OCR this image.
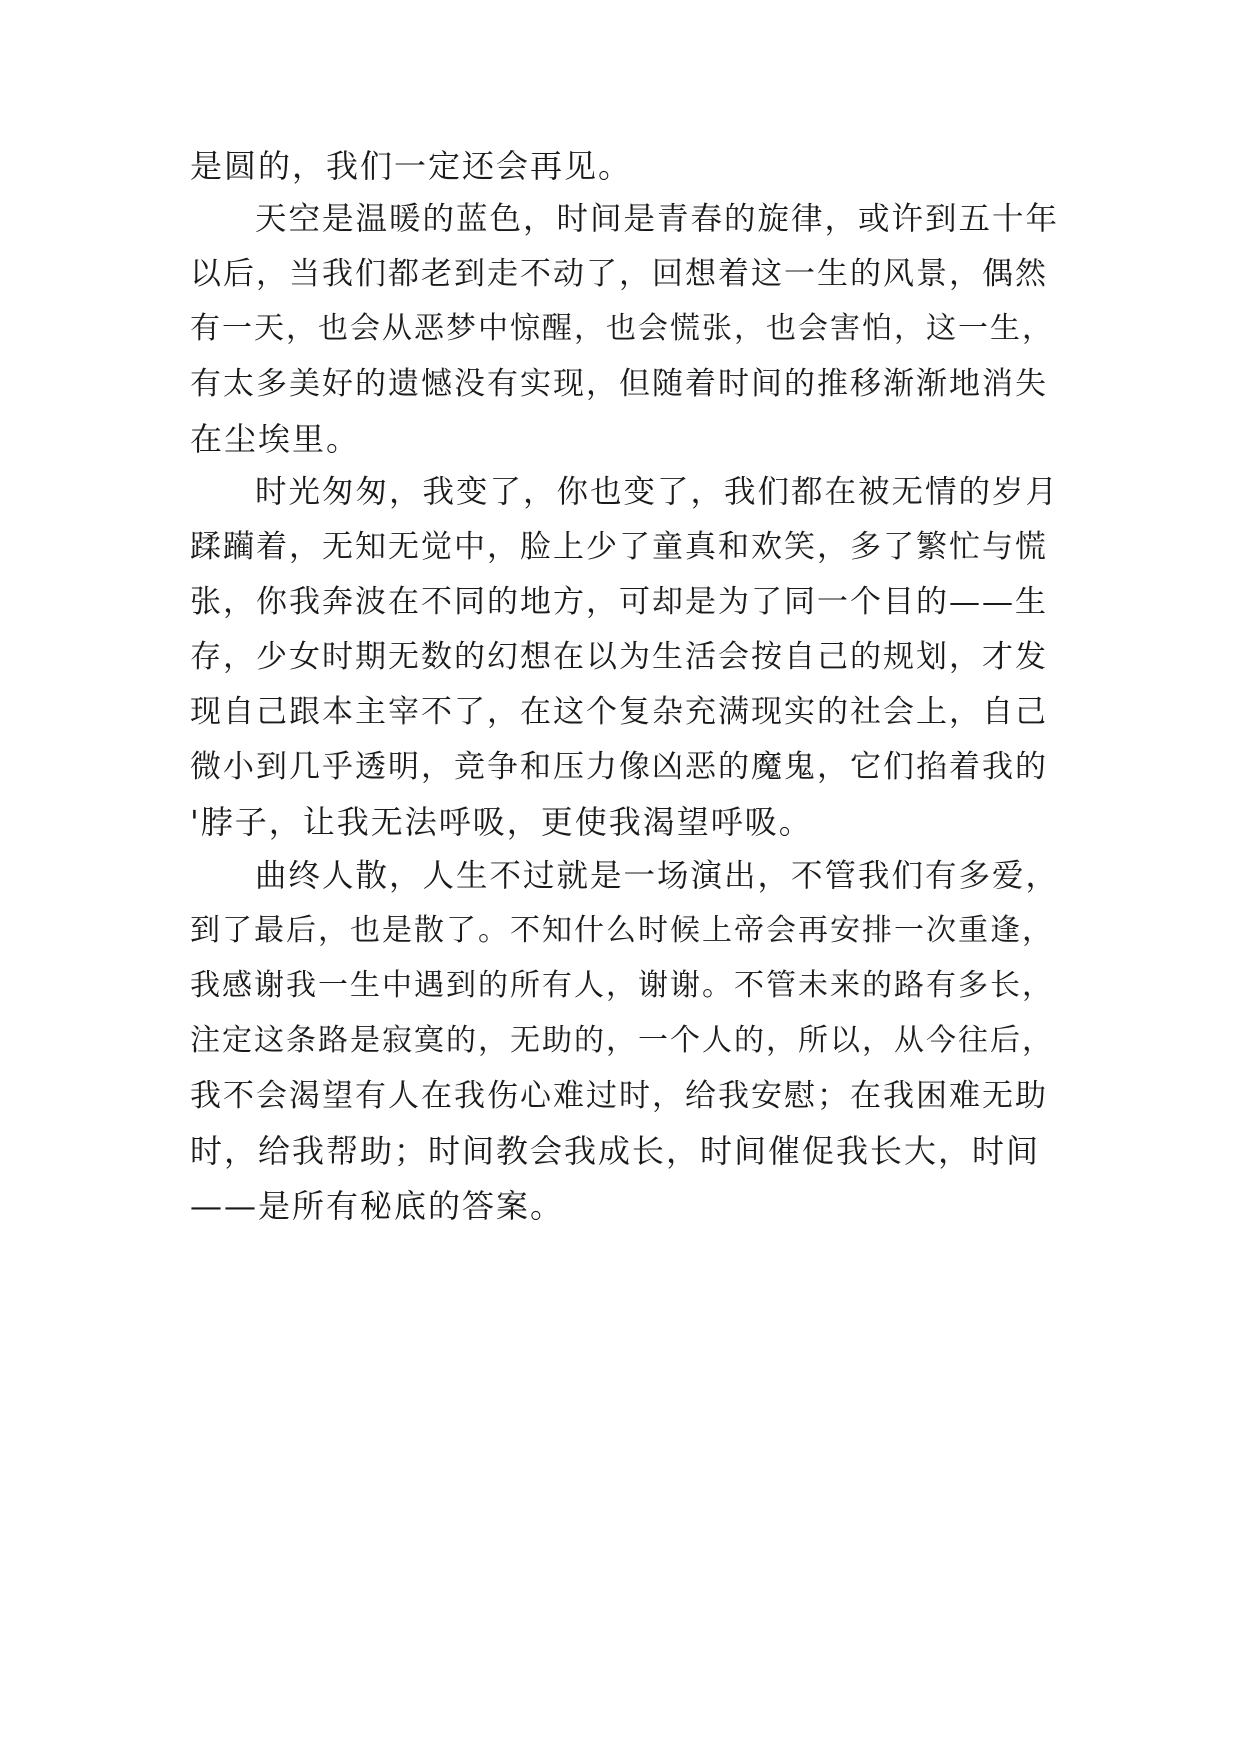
是圆的，我们一定还会再见。
天空是温暖的蓝色，时间是青春的旋律，或许到五十年
以后，当我们都老到走不动了，回想着这一生的风景，偶然
有一天，也会从恶梦中惊醒，也会慌张，也会害怕，这一生，
有太多美好的遗憾没有实现，但随着时间的推移渐渐地消失
在尘埃里。
时光匆匆，我变了，你也变了，我们都在被无情的岁月
蹂躏着，无知无觉中，脸上少了童真和欢笑，多了繁忙与慌
张，你我奔波在不同的地方，可却是为了同一个目的——生
存，少女时期无数的幻想在以为生活会按自己的规划，才发
现自己跟本主宰不了，在这个复杂充满现实的社会上，自己
微小到几乎透明，竞争和压力像凶恶的魔鬼，它们掐着我的
'脖子，让我无法呼吸，更使我渴望呼吸。
曲终人散，人生不过就是一场演出，不管我们有多爱，
到了最后，也是散了。不知什么时候上帝会再安排一次重逢，
我感谢我一生中遇到的所有人，谢谢。不管未来的路有多长，
注定这条路是寂寞的，无助的，一个人的，所以，从今往后，
我不会渴望有人在我伤心难过时，给我安慰；在我困难无助
时，给我帮助；时间教会我成长，时间催促我长大，时间
——是所有秘底的答案。
